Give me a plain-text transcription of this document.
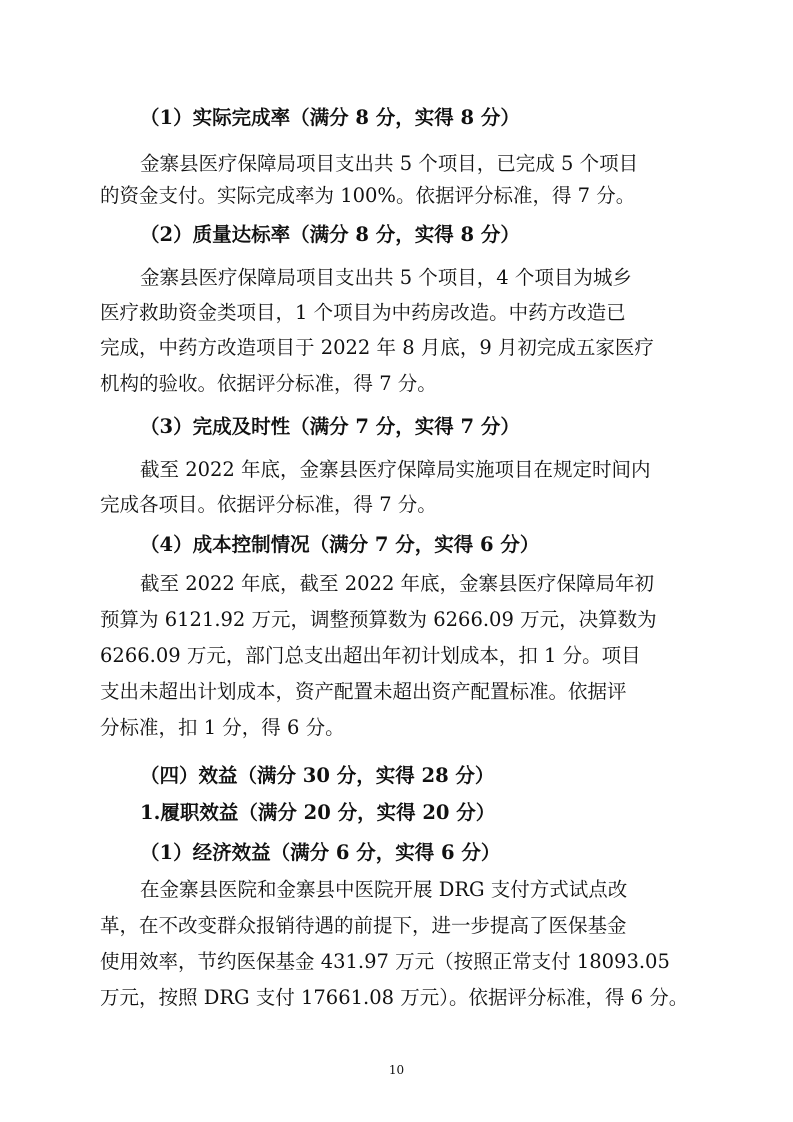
（1）实际完成率（满分 8 分，实得 8 分）
金寨县医疗保障局项目支出共 5 个项目，已完成 5 个项目
的资金支付。实际完成率为 100%。依据评分标准，得 7 分。
（2）质量达标率（满分 8 分，实得 8 分）
金寨县医疗保障局项目支出共 5 个项目，4 个项目为城乡
医疗救助资金类项目，1 个项目为中药房改造。中药方改造已
完成，中药方改造项目于 2022 年 8 月底，9 月初完成五家医疗
机构的验收。依据评分标准，得 7 分。
（3）完成及时性（满分 7 分，实得 7 分）
截至 2022 年底，金寨县医疗保障局实施项目在规定时间内
完成各项目。依据评分标准，得 7 分。
（4）成本控制情况（满分 7 分，实得 6 分）
截至 2022 年底，截至 2022 年底，金寨县医疗保障局年初
预算为 6121.92 万元，调整预算数为 6266.09 万元，决算数为
6266.09 万元，部门总支出超出年初计划成本，扣 1 分。项目
支出未超出计划成本，资产配置未超出资产配置标准。依据评
分标准，扣 1 分，得 6 分。
（四）效益（满分 30 分，实得 28 分）
1.履职效益（满分 20 分，实得 20 分）
（1）经济效益（满分 6 分，实得 6 分）
在金寨县医院和金寨县中医院开展 DRG 支付方式试点改
革，在不改变群众报销待遇的前提下，进一步提高了医保基金
使用效率，节约医保基金 431.97 万元（按照正常支付 18093.05
万元，按照 DRG 支付 17661.08 万元）。依据评分标准，得 6 分。
10
